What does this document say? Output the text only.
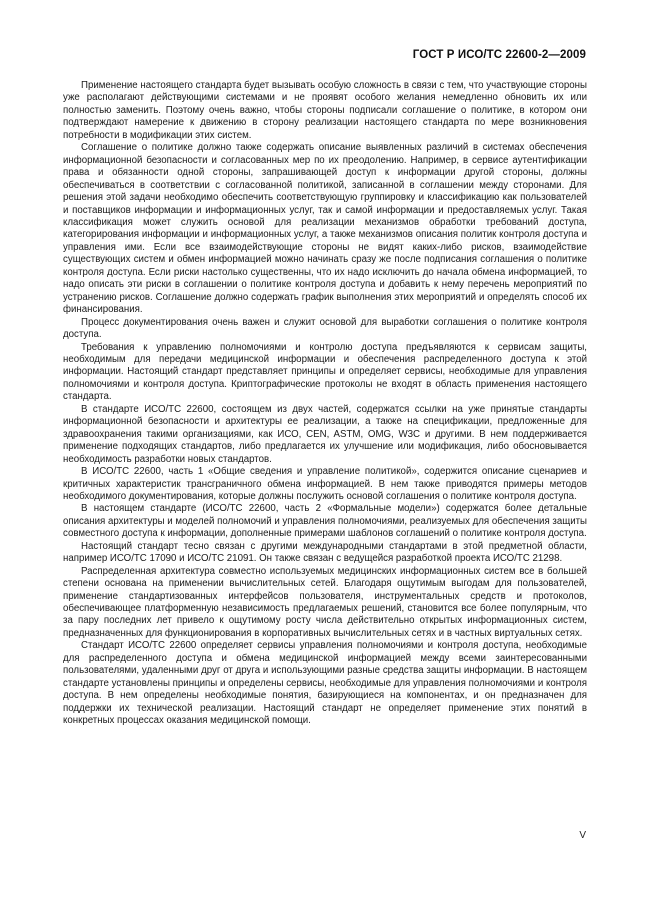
ГОСТ Р ИСО/ТС 22600-2—2009

Применение настоящего стандарта будет вызывать особую сложность в связи с тем, что участвующие стороны уже располагают действующими системами и не проявят особого желания немедленно обновить их или полностью заменить. Поэтому очень важно, чтобы стороны подписали соглашение о политике, в котором они подтверждают намерение к движению в сторону реализации настоящего стандарта по мере возникновения потребности в модификации этих систем.

Соглашение о политике должно также содержать описание выявленных различий в системах обеспечения информационной безопасности и согласованных мер по их преодолению. Например, в сервисе аутентификации права и обязанности одной стороны, запрашивающей доступ к информации другой стороны, должны обеспечиваться в соответствии с согласованной политикой, записанной в соглашении между сторонами. Для решения этой задачи необходимо обеспечить соответствующую группировку и классификацию как пользователей и поставщиков информации и информационных услуг, так и самой информации и предоставляемых услуг. Такая классификация может служить основой для реализации механизмов обработки требований доступа, категорирования информации и информационных услуг, а также механизмов описания политик контроля доступа и управления ими. Если все взаимодействующие стороны не видят каких-либо рисков, взаимодействие существующих систем и обмен информацией можно начинать сразу же после подписания соглашения о политике контроля доступа. Если риски настолько существенны, что их надо исключить до начала обмена информацией, то надо описать эти риски в соглашении о политике контроля доступа и добавить к нему перечень мероприятий по устранению рисков. Соглашение должно содержать график выполнения этих мероприятий и определять способ их финансирования.

Процесс документирования очень важен и служит основой для выработки соглашения о политике контроля доступа.

Требования к управлению полномочиями и контролю доступа предъявляются к сервисам защиты, необходимым для передачи медицинской информации и обеспечения распределенного доступа к этой информации. Настоящий стандарт представляет принципы и определяет сервисы, необходимые для управления полномочиями и контроля доступа. Криптографические протоколы не входят в область применения настоящего стандарта.

В стандарте ИСО/ТС 22600, состоящем из двух частей, содержатся ссылки на уже принятые стандарты информационной безопасности и архитектуры ее реализации, а также на спецификации, предложенные для здравоохранения такими организациями, как ИСО, CEN, ASTM, OMG, W3C и другими. В нем поддерживается применение подходящих стандартов, либо предлагается их улучшение или модификация, либо обосновывается необходимость разработки новых стандартов.

В ИСО/ТС 22600, часть 1 «Общие сведения и управление политикой», содержится описание сценариев и критичных характеристик трансграничного обмена информацией. В нем также приводятся примеры методов необходимого документирования, которые должны послужить основой соглашения о политике контроля доступа.

В настоящем стандарте (ИСО/ТС 22600, часть 2 «Формальные модели») содержатся более детальные описания архитектуры и моделей полномочий и управления полномочиями, реализуемых для обеспечения защиты совместного доступа к информации, дополненные примерами шаблонов соглашений о политике контроля доступа.

Настоящий стандарт тесно связан с другими международными стандартами в этой предметной области, например ИСО/ТС 17090 и ИСО/ТС 21091. Он также связан с ведущейся разработкой проекта ИСО/ТС 21298.

Распределенная архитектура совместно используемых медицинских информационных систем все в большей степени основана на применении вычислительных сетей. Благодаря ощутимым выгодам для пользователей, применение стандартизованных интерфейсов пользователя, инструментальных средств и протоколов, обеспечивающее платформенную независимость предлагаемых решений, становится все более популярным, что за пару последних лет привело к ощутимому росту числа действительно открытых информационных систем, предназначенных для функционирования в корпоративных вычислительных сетях и в частных виртуальных сетях.

Стандарт ИСО/ТС 22600 определяет сервисы управления полномочиями и контроля доступа, необходимые для распределенного доступа и обмена медицинской информацией между всеми заинтересованными пользователями, удаленными друг от друга и использующими разные средства защиты информации. В настоящем стандарте установлены принципы и определены сервисы, необходимые для управления полномочиями и контроля доступа. В нем определены необходимые понятия, базирующиеся на компонентах, и он предназначен для поддержки их технической реализации. Настоящий стандарт не определяет применение этих понятий в конкретных процессах оказания медицинской помощи.

V
